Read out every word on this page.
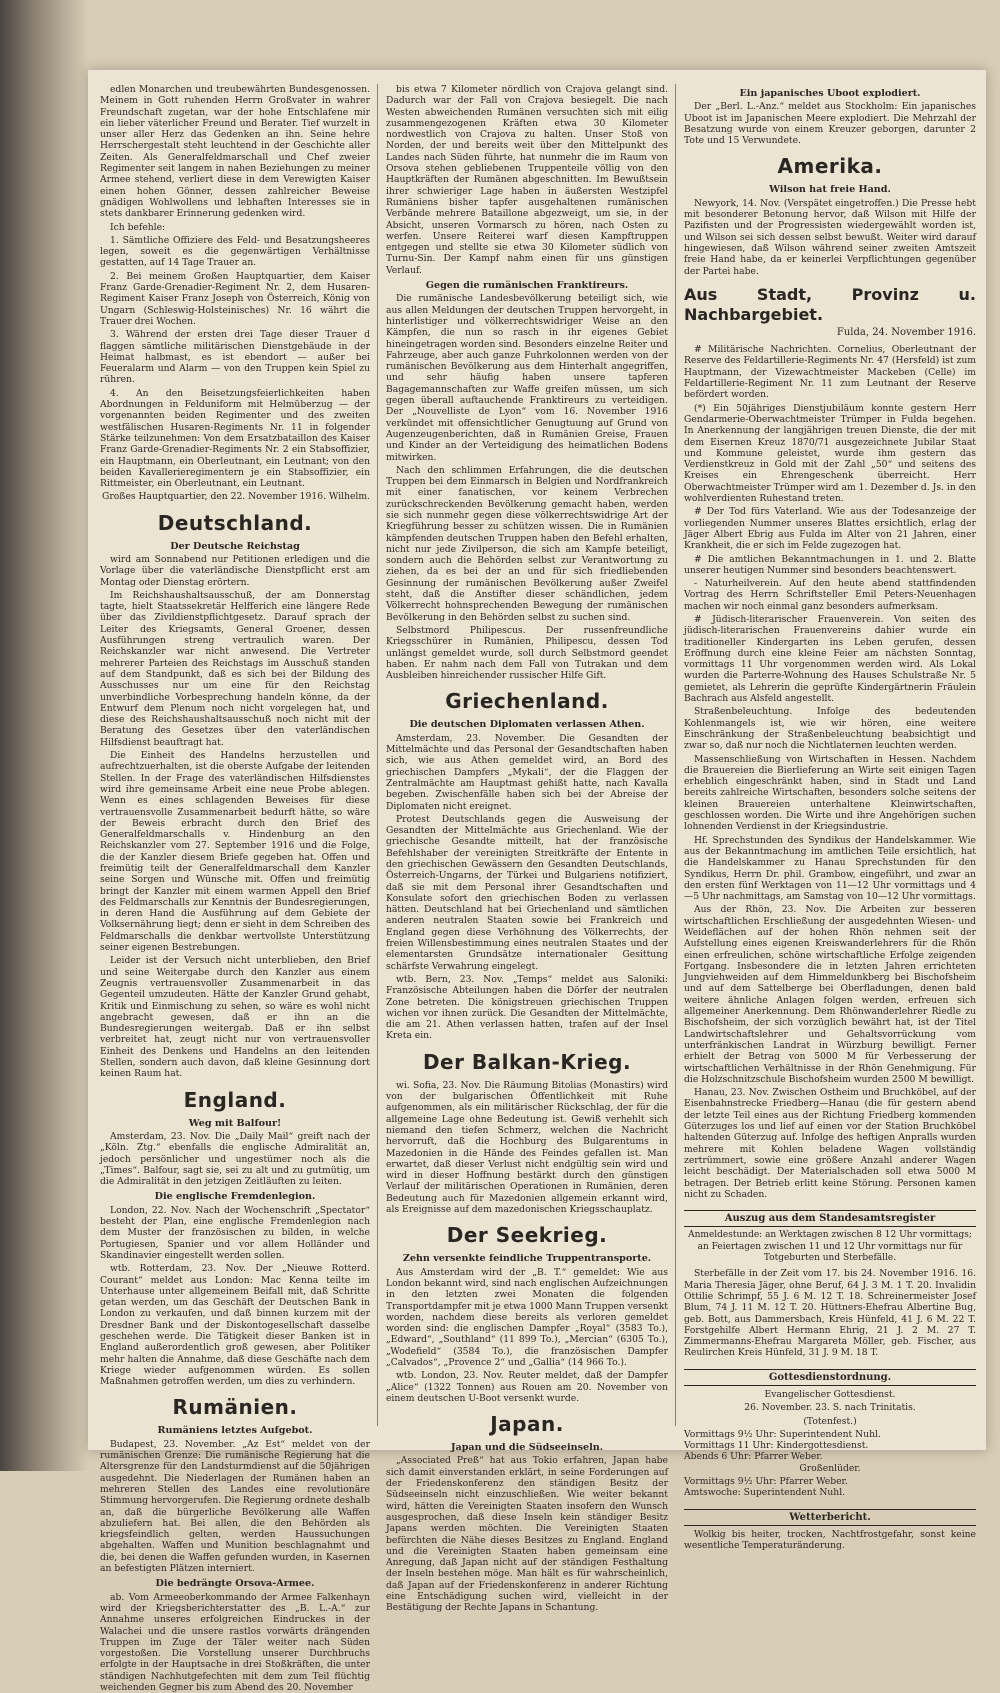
edlen Monarchen und treubewährten Bundesgenossen. Meinem in Gott ruhenden Herrn Großvater in wahrer Freundschaft zugetan, war der hohe Entschlafene mir ein lieber väterlicher Freund und Berater. Tief wurzelt in unser aller Herz das Gedenken an ihn. Seine hehre Herrschergestalt steht leuchtend in der Geschichte aller Zeiten. Als Generalfeldmarschall und Chef zweier Regimenter seit langem in nahen Beziehungen zu meiner Armee stehend, verliert diese in dem Verewigten Kaiser einen hohen Gönner, dessen zahlreicher Beweise gnädigen Wohlwollens und lebhaften Interesses sie in stets dankbarer Erinnerung gedenken wird.

Ich befehle:

1. Sämtliche Offiziere des Feld- und Besatzungsheeres legen, soweit es die gegenwärtigen Verhältnisse gestatten, auf 14 Tage Trauer an.

2. Bei meinem Großen Hauptquartier, dem Kaiser Franz Garde-Grenadier-Regiment Nr. 2, dem Husaren-Regiment Kaiser Franz Joseph von Österreich, König von Ungarn (Schleswig-Holsteinisches) Nr. 16 währt die Trauer drei Wochen.

3. Während der ersten drei Tage dieser Trauer d flaggen sämtliche militärischen Dienstgebäude in der Heimat halbmast, es ist ebendort — außer bei Feueralarm und Alarm — von den Truppen kein Spiel zu rühren.

4. An den Beisetzungsfeierlichkeiten haben Abordnungen in Felduniform mit Helmüberzug — der vorgenannten beiden Regimenter und des zweiten westfälischen Husaren-Regiments Nr. 11 in folgender Stärke teilzunehmen: Von dem Ersatzbataillon des Kaiser Franz Garde-Grenadier-Regiments Nr. 2 ein Stabsoffizier, ein Hauptmann, ein Oberleutnant, ein Leutnant; von den beiden Kavallerieregimentern je ein Stabsoffizier, ein Rittmeister, ein Oberleutnant, ein Leutnant.

Großes Hauptquartier, den 22. November 1916. Wilhelm.

Deutschland.
Der Deutsche Reichstag

wird am Sonnabend nur Petitionen erledigen und die Vorlage über die vaterländische Dienstpflicht erst am Montag oder Dienstag erörtern.

Im Reichshaushaltsausschuß, der am Donnerstag tagte, hielt Staatssekretär Helfferich eine längere Rede über das Zivildienstpflichtgesetz. Darauf sprach der Leiter des Kriegsamts, General Groener, dessen Ausführungen streng vertraulich waren. Der Reichskanzler war nicht anwesend. Die Vertreter mehrerer Parteien des Reichstags im Ausschuß standen auf dem Standpunkt, daß es sich bei der Bildung des Ausschusses nur um eine für den Reichstag unverbindliche Vorbesprechung handeln könne, da der Entwurf dem Plenum noch nicht vorgelegen hat, und diese des Reichshaushaltsausschuß noch nicht mit der Beratung des Gesetzes über den vaterländischen Hilfsdienst beauftragt hat.

Die Einheit des Handelns herzustellen und aufrechtzuerhalten, ist die oberste Aufgabe der leitenden Stellen. In der Frage des vaterländischen Hilfsdienstes wird ihre gemeinsame Arbeit eine neue Probe ablegen. Wenn es eines schlagenden Beweises für diese vertrauensvolle Zusammenarbeit bedurft hätte, so wäre der Beweis erbracht durch den Brief des Generalfeldmarschalls v. Hindenburg an den Reichskanzler vom 27. September 1916 und die Folge, die der Kanzler diesem Briefe gegeben hat. Offen und freimütig teilt der Generalfeldmarschall dem Kanzler seine Sorgen und Wünsche mit. Offen und freimütig bringt der Kanzler mit einem warmen Appell den Brief des Feldmarschalls zur Kenntnis der Bundesregierungen, in deren Hand die Ausführung auf dem Gebiete der Volksernährung liegt; denn er sieht in dem Schreiben des Feldmarschalls die denkbar wertvollste Unterstützung seiner eigenen Bestrebungen.

Leider ist der Versuch nicht unterblieben, den Brief und seine Weitergabe durch den Kanzler aus einem Zeugnis vertrauensvoller Zusammenarbeit in das Gegenteil umzudeuten. Hätte der Kanzler Grund gehabt, Kritik und Einmischung zu sehen, so wäre es wohl nicht angebracht gewesen, daß er ihn an die Bundesregierungen weitergab. Daß er ihn selbst verbreitet hat, zeugt nicht nur von vertrauensvoller Einheit des Denkens und Handelns an den leitenden Stellen, sondern auch davon, daß kleine Gesinnung dort keinen Raum hat.

England.
Weg mit Balfour!

Amsterdam, 23. Nov. Die „Daily Mail“ greift nach der „Köln. Ztg.“ ebenfalls die englische Admiralität an, jedoch persönlicher und ungestümer noch als die „Times“. Balfour, sagt sie, sei zu alt und zu gutmütig, um die Admiralität in den jetzigen Zeitläuften zu leiten.

Die englische Fremdenlegion.

London, 22. Nov. Nach der Wochenschrift „Spectator“ besteht der Plan, eine englische Fremdenlegion nach dem Muster der französischen zu bilden, in welche Portugiesen, Spanier und vor allem Holländer und Skandinavier eingestellt werden sollen.

wtb. Rotterdam, 23. Nov. Der „Nieuwe Rotterd. Courant“ meldet aus London: Mac Kenna teilte im Unterhause unter allgemeinem Beifall mit, daß Schritte getan werden, um das Geschäft der Deutschen Bank in London zu verkaufen, und daß binnen kurzem mit der Dresdner Bank und der Diskontogesellschaft dasselbe geschehen werde. Die Tätigkeit dieser Banken ist in England außerordentlich groß gewesen, aber Politiker mehr halten die Annahme, daß diese Geschäfte nach dem Kriege wieder aufgenommen würden. Es sollen Maßnahmen getroffen werden, um dies zu verhindern.

Rumänien.
Rumäniens letztes Aufgebot.

Budapest, 23. November. „Az Est“ meldet von der rumänischen Grenze: Die rumänische Regierung hat die Altersgrenze für den Landsturmdienst auf die 50jährigen ausgedehnt. Die Niederlagen der Rumänen haben an mehreren Stellen des Landes eine revolutionäre Stimmung hervorgerufen. Die Regierung ordnete deshalb an, daß die bürgerliche Bevölkerung alle Waffen abzuliefern hat. Bei allen, die den Behörden als kriegsfeindlich gelten, werden Haussuchungen abgehalten. Waffen und Munition beschlagnahmt und die, bei denen die Waffen gefunden wurden, in Kasernen an befestigten Plätzen interniert.

Die bedrängte Orsova-Armee.

ab. Vom Armeeoberkommando der Armee Falkenhayn wird der Kriegsberichterstatter des „B. L.-A.“ zur Annahme unseres erfolgreichen Eindruckes in der Walachei und die unsere rastlos vorwärts drängenden Truppen im Zuge der Täler weiter nach Süden vorgestoßen. Die Vorstellung unserer Durchbruchs erfolgte in der Hauptsache in drei Stoßkräften, die unter ständigen Nachhutgefechten mit dem zum Teil flüchtig weichenden Gegner bis zum Abend des 20. November

bis etwa 7 Kilometer nördlich von Crajova gelangt sind. Dadurch war der Fall von Crajova besiegelt. Die nach Westen abweichenden Rumänen versuchten sich mit eilig zusammengezogenen Kräften etwa 30 Kilometer nordwestlich von Crajova zu halten. Unser Stoß von Norden, der und bereits weit über den Mittelpunkt des Landes nach Süden führte, hat nunmehr die im Raum von Orsova stehen gebliebenen Truppenteile völlig von den Hauptkräften der Rumänen abgeschnitten. Im Bewußtsein ihrer schwieriger Lage haben in äußersten Westzipfel Rumäniens bisher tapfer ausgehaltenen rumänischen Verbände mehrere Bataillone abgezweigt, um sie, in der Absicht, unseren Vormarsch zu hören, nach Osten zu werfen. Unsere Reiterei warf diesen Kampftruppen entgegen und stellte sie etwa 30 Kilometer südlich von Turnu-Sin. Der Kampf nahm einen für uns günstigen Verlauf.

Gegen die rumänischen Franktireurs.

Die rumänische Landesbevölkerung beteiligt sich, wie aus allen Meldungen der deutschen Truppen hervorgeht, in hinterlistiger und völkerrechtswidriger Weise an den Kämpfen, die nun so rasch in ihr eigenes Gebiet hineingetragen worden sind. Besonders einzelne Reiter und Fahrzeuge, aber auch ganze Fuhrkolonnen werden von der rumänischen Bevölkerung aus dem Hinterhalt angegriffen, und sehr häufig haben unsere tapferen Bagagemannschaften zur Waffe greifen müssen, um sich gegen überall auftauchende Franktireurs zu verteidigen. Der „Nouvelliste de Lyon“ vom 16. November 1916 verkündet mit offensichtlicher Genugtuung auf Grund von Augenzeugenberichten, daß in Rumänien Greise, Frauen und Kinder an der Verteidigung des heimatlichen Bodens mitwirken.

Nach den schlimmen Erfahrungen, die die deutschen Truppen bei dem Einmarsch in Belgien und Nordfrankreich mit einer fanatischen, vor keinem Verbrechen zurückschreckenden Bevölkerung gemacht haben, werden sie sich nunmehr gegen diese völkerrechtswidrige Art der Kriegführung besser zu schützen wissen. Die in Rumänien kämpfenden deutschen Truppen haben den Befehl erhalten, nicht nur jede Zivilperson, die sich am Kampfe beteiligt, sondern auch die Behörden selbst zur Verantwortung zu ziehen, da es bei der an und für sich friedliebenden Gesinnung der rumänischen Bevölkerung außer Zweifel steht, daß die Anstifter dieser schändlichen, jedem Völkerrecht hohnsprechenden Bewegung der rumänischen Bevölkerung in den Behörden selbst zu suchen sind.

Selbstmord Philipescus. Der russenfreundliche Kriegsschürer in Rumänien, Philipescu, dessen Tod unlängst gemeldet wurde, soll durch Selbstmord geendet haben. Er nahm nach dem Fall von Tutrakan und dem Ausbleiben hinreichender russischer Hilfe Gift.

Griechenland.
Die deutschen Diplomaten verlassen Athen.

Amsterdam, 23. November. Die Gesandten der Mittelmächte und das Personal der Gesandtschaften haben sich, wie aus Athen gemeldet wird, an Bord des griechischen Dampfers „Mykali“, der die Flaggen der Zentralmächte am Hauptmast gehißt hatte, nach Kavalla begeben. Zwischenfälle haben sich bei der Abreise der Diplomaten nicht ereignet.

Protest Deutschlands gegen die Ausweisung der Gesandten der Mittelmächte aus Griechenland. Wie der griechische Gesandte mitteilt, hat der französische Befehlshaber der vereinigten Streitkräfte der Entente in den griechischen Gewässern den Gesandten Deutschlands, Österreich-Ungarns, der Türkei und Bulgariens notifiziert, daß sie mit dem Personal ihrer Gesandtschaften und Konsulate sofort den griechischen Boden zu verlassen hätten. Deutschland hat bei Griechenland und sämtlichen anderen neutralen Staaten sowie bei Frankreich und England gegen diese Verhöhnung des Völkerrechts, der freien Willensbestimmung eines neutralen Staates und der elementarsten Grundsätze internationaler Gesittung schärfste Verwahrung eingelegt.

wtb. Bern, 23. Nov. „Temps“ meldet aus Saloniki: Französische Abteilungen haben die Dörfer der neutralen Zone betreten. Die königstreuen griechischen Truppen wichen vor ihnen zurück. Die Gesandten der Mittelmächte, die am 21. Athen verlassen hatten, trafen auf der Insel Kreta ein.

Der Balkan-Krieg.

wi. Sofia, 23. Nov. Die Räumung Bitolias (Monastirs) wird von der bulgarischen Öffentlichkeit mit Ruhe aufgenommen, als ein militärischer Rückschlag, der für die allgemeine Lage ohne Bedeutung ist. Gewiß verhehlt sich niemand den tiefen Schmerz, welchen die Nachricht hervorruft, daß die Hochburg des Bulgarentums in Mazedonien in die Hände des Feindes gefallen ist. Man erwartet, daß dieser Verlust nicht endgültig sein wird und wird in dieser Hoffnung bestärkt durch den günstigen Verlauf der militärischen Operationen in Rumänien, deren Bedeutung auch für Mazedonien allgemein erkannt wird, als Ereignisse auf dem mazedonischen Kriegsschauplatz.

Der Seekrieg.
Zehn versenkte feindliche Truppentransporte.

Aus Amsterdam wird der „B. T.“ gemeldet: Wie aus London bekannt wird, sind nach englischen Aufzeichnungen in den letzten zwei Monaten die folgenden Transportdampfer mit je etwa 1000 Mann Truppen versenkt worden, nachdem diese bereits als verloren gemeldet worden sind: die englischen Dampfer „Royal“ (3583 To.), „Edward“, „Southland“ (11 899 To.), „Mercian“ (6305 To.), „Wodefield“ (3584 To.), die französischen Dampfer „Calvados“, „Provence 2“ und „Gallia“ (14 966 To.).

wtb. London, 23. Nov. Reuter meldet, daß der Dampfer „Alice“ (1322 Tonnen) aus Rouen am 20. November von einem deutschen U-Boot versenkt wurde.

Japan.
Japan und die Südseeinseln.

„Associated Preß“ hat aus Tokio erfahren, Japan habe sich damit einverstanden erklärt, in seine Forderungen auf der Friedenskonferenz den ständigen Besitz der Südseeinseln nicht einzuschließen. Wie weiter bekannt wird, hätten die Vereinigten Staaten insofern den Wunsch ausgesprochen, daß diese Inseln kein ständiger Besitz Japans werden möchten. Die Vereinigten Staaten befürchten die Nähe dieses Besitzes zu England. England und die Vereinigten Staaten haben gemeinsam eine Anregung, daß Japan nicht auf der ständigen Festhaltung der Inseln bestehen möge. Man hält es für wahrscheinlich, daß Japan auf der Friedenskonferenz in anderer Richtung eine Entschädigung suchen wird, vielleicht in der Bestätigung der Rechte Japans in Schantung.

Ein japanisches Uboot explodiert.

Der „Berl. L.-Anz.“ meldet aus Stockholm: Ein japanisches Uboot ist im Japanischen Meere explodiert. Die Mehrzahl der Besatzung wurde von einem Kreuzer geborgen, darunter 2 Tote und 15 Verwundete.

Amerika.
Wilson hat freie Hand.

Newyork, 14. Nov. (Verspätet eingetroffen.) Die Presse hebt mit besonderer Betonung hervor, daß Wilson mit Hilfe der Pazifisten und der Progressisten wiedergewählt worden ist, und Wilson sei sich dessen selbst bewußt. Weiter wird darauf hingewiesen, daß Wilson während seiner zweiten Amtszeit freie Hand habe, da er keinerlei Verpflichtungen gegenüber der Partei habe.

Aus Stadt, Provinz u. Nachbargebiet.
Fulda, 24. November 1916.

# Militärische Nachrichten. Cornelius, Oberleutnant der Reserve des Feldartillerie-Regiments Nr. 47 (Hersfeld) ist zum Hauptmann, der Vizewachtmeister Mackeben (Celle) im Feldartillerie-Regiment Nr. 11 zum Leutnant der Reserve befördert worden.

(*) Ein 50jähriges Dienstjubiläum konnte gestern Herr Gendarmerie-Oberwachtmeister Trümper in Fulda begehen. In Anerkennung der langjährigen treuen Dienste, die der mit dem Eisernen Kreuz 1870/71 ausgezeichnete Jubilar Staat und Kommune geleistet, wurde ihm gestern das Verdienstkreuz in Gold mit der Zahl „50“ und seitens des Kreises ein Ehrengeschenk überreicht. Herr Oberwachtmeister Trümper wird am 1. Dezember d. Js. in den wohlverdienten Ruhestand treten.

# Der Tod fürs Vaterland. Wie aus der Todesanzeige der vorliegenden Nummer unseres Blattes ersichtlich, erlag der Jäger Albert Ebrig aus Fulda im Alter von 21 Jahren, einer Krankheit, die er sich im Felde zugezogen hat.

# Die amtlichen Bekanntmachungen in 1. und 2. Blatte unserer heutigen Nummer sind besonders beachtenswert.

- Naturheilverein. Auf den heute abend stattfindenden Vortrag des Herrn Schriftsteller Emil Peters-Neuenhagen machen wir noch einmal ganz besonders aufmerksam.

# Jüdisch-literarischer Frauenverein. Von seiten des jüdisch-literarischen Frauenvereins dahier wurde ein traditioneller Kindergarten ins Leben gerufen, dessen Eröffnung durch eine kleine Feier am nächsten Sonntag, vormittags 11 Uhr vorgenommen werden wird. Als Lokal wurden die Parterre-Wohnung des Hauses Schulstraße Nr. 5 gemietet, als Lehrerin die geprüfte Kindergärtnerin Fräulein Bachrach aus Alsfeld angestellt.

Straßenbeleuchtung. Infolge des bedeutenden Kohlenmangels ist, wie wir hören, eine weitere Einschränkung der Straßenbeleuchtung beabsichtigt und zwar so, daß nur noch die Nichtlaternen leuchten werden.

Massenschließung von Wirtschaften in Hessen. Nachdem die Brauereien die Bierlieferung an Wirte seit einigen Tagen erheblich eingeschränkt haben, sind in Stadt und Land bereits zahlreiche Wirtschaften, besonders solche seitens der kleinen Brauereien unterhaltene Kleinwirtschaften, geschlossen worden. Die Wirte und ihre Angehörigen suchen lohnenden Verdienst in der Kriegsindustrie.

Hf. Sprechstunden des Syndikus der Handelskammer. Wie aus der Bekanntmachung im amtlichen Teile ersichtlich, hat die Handelskammer zu Hanau Sprechstunden für den Syndikus, Herrn Dr. phil. Grambow, eingeführt, und zwar an den ersten fünf Werktagen von 11—12 Uhr vormittags und 4—5 Uhr nachmittags, am Samstag von 10—12 Uhr vormittags.

Aus der Rhön, 23. Nov. Die Arbeiten zur besseren wirtschaftlichen Erschließung der ausgedehnten Wiesen- und Weideflächen auf der hohen Rhön nehmen seit der Aufstellung eines eigenen Kreiswanderlehrers für die Rhön einen erfreulichen, schöne wirtschaftliche Erfolge zeigenden Fortgang. Insbesondere die in letzten Jahren errichteten Jungviehweiden auf dem Himmeldunkberg bei Bischofsheim und auf dem Sattelberge bei Oberfladungen, denen bald weitere ähnliche Anlagen folgen werden, erfreuen sich allgemeiner Anerkennung. Dem Rhönwanderlehrer Riedle zu Bischofsheim, der sich vorzüglich bewährt hat, ist der Titel Landwirtschaftslehrer und Gehaltsvorrückung vom unterfränkischen Landrat in Würzburg bewilligt. Ferner erhielt der Betrag von 5000 M für Verbesserung der wirtschaftlichen Verhältnisse in der Rhön Genehmigung. Für die Holzschnitzschule Bischofsheim wurden 2500 M bewilligt.

Hanau, 23. Nov. Zwischen Ostheim und Bruchköbel, auf der Eisenbahnstrecke Friedberg—Hanau (die für gestern abend der letzte Teil eines aus der Richtung Friedberg kommenden Güterzuges los und lief auf einen vor der Station Bruchköbel haltenden Güterzug auf. Infolge des heftigen Anpralls wurden mehrere mit Kohlen beladene Wagen vollständig zertrümmert, sowie eine größere Anzahl anderer Wagen leicht beschädigt. Der Materialschaden soll etwa 5000 M betragen. Der Betrieb erlitt keine Störung. Personen kamen nicht zu Schaden.

Auszug aus dem Standesamtsregister
Anmeldestunde: an Werktagen zwischen 8 12 Uhr vormittags; an Feiertagen zwischen 11 und 12 Uhr vormittags nur für Totgeburten und Sterbefälle.

Sterbefälle in der Zeit vom 17. bis 24. November 1916. 16. Maria Theresia Jäger, ohne Beruf, 64 J. 3 M. 1 T. 20. Invalidin Ottilie Schrimpf, 55 J. 6 M. 12 T. 18. Schreinermeister Josef Blum, 74 J. 11 M. 12 T. 20. Hüttners-Ehefrau Albertine Bug, geb. Bott, aus Dammersbach, Kreis Hünfeld, 41 J. 6 M. 22 T. Forstgehilfe Albert Hermann Ehrig, 21 J. 2 M. 27 T. Zimmermanns-Ehefrau Margareta Möller, geb. Fischer, aus Reulirchen Kreis Hünfeld, 31 J. 9 M. 18 T.

Gottesdienstordnung.

Evangelischer Gottesdienst.

26. November. 23. S. nach Trinitatis.

(Totenfest.)

Vormittags 9½ Uhr: Superintendent Nuhl.

Vormittags 11 Uhr: Kindergottesdienst.

Abends 6 Uhr: Pfarrer Weber.

Großenlüder.

Vormittags 9½ Uhr: Pfarrer Weber.

Amtswoche: Superintendent Nuhl.

Wetterbericht.

Wolkig bis heiter, trocken, Nachtfrostgefahr, sonst keine wesentliche Temperaturänderung.
